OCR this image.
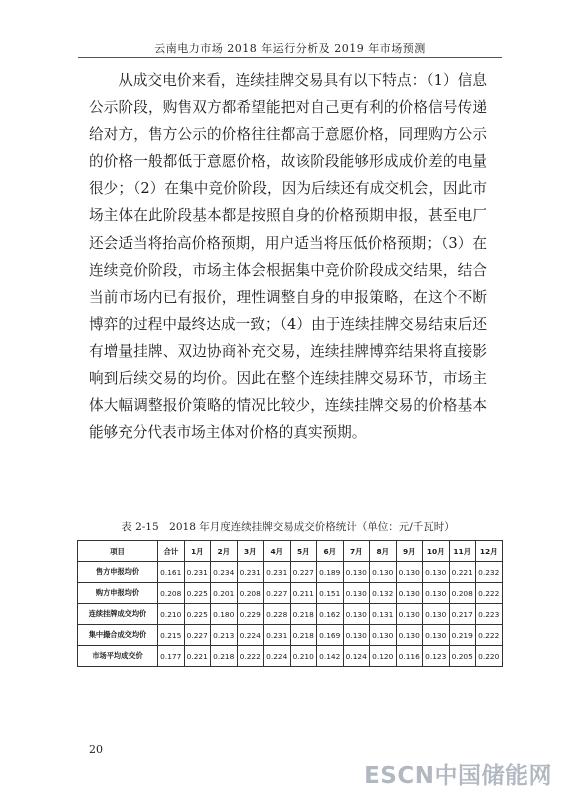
云南电力市场 2018 年运行分析及 2019 年市场预测

从成交电价来看，连续挂牌交易具有以下特点：（1）信息公示阶段，购售双方都希望能把对自己更有利的价格信号传递给对方，售方公示的价格往往都高于意愿价格，同理购方公示的价格一般都低于意愿价格，故该阶段能够形成成价差的电量很少；（2）在集中竞价阶段，因为后续还有成交机会，因此市场主体在此阶段基本都是按照自身的价格预期申报，甚至电厂还会适当将抬高价格预期，用户适当将压低价格预期；（3）在连续竞价阶段，市场主体会根据集中竞价阶段成交结果，结合当前市场内已有报价，理性调整自身的申报策略，在这个不断博弈的过程中最终达成一致；（4）由于连续挂牌交易结束后还有增量挂牌、双边协商补充交易，连续挂牌博弈结果将直接影响到后续交易的均价。因此在整个连续挂牌交易环节，市场主体大幅调整报价策略的情况比较少，连续挂牌交易的价格基本能够充分代表市场主体对价格的真实预期。

表 2-15　2018 年月度连续挂牌交易成交价格统计（单位：元/千瓦时）
项目	合计	1月	2月	3月	4月	5月	6月	7月	8月	9月	10月	11月	12月
售方申报均价	0.161	0.231	0.234	0.231	0.231	0.227	0.189	0.130	0.130	0.130	0.130	0.221	0.232
购方申报均价	0.208	0.225	0.201	0.208	0.227	0.211	0.151	0.130	0.132	0.130	0.130	0.208	0.222
连续挂牌成交均价	0.210	0.225	0.180	0.229	0.228	0.218	0.162	0.130	0.131	0.130	0.130	0.217	0.223
集中撮合成交均价	0.215	0.227	0.213	0.224	0.231	0.218	0.169	0.130	0.130	0.130	0.130	0.219	0.222
市场平均成交价	0.177	0.221	0.218	0.222	0.224	0.210	0.142	0.124	0.120	0.116	0.123	0.205	0.220
20
ESCN中国储能网
